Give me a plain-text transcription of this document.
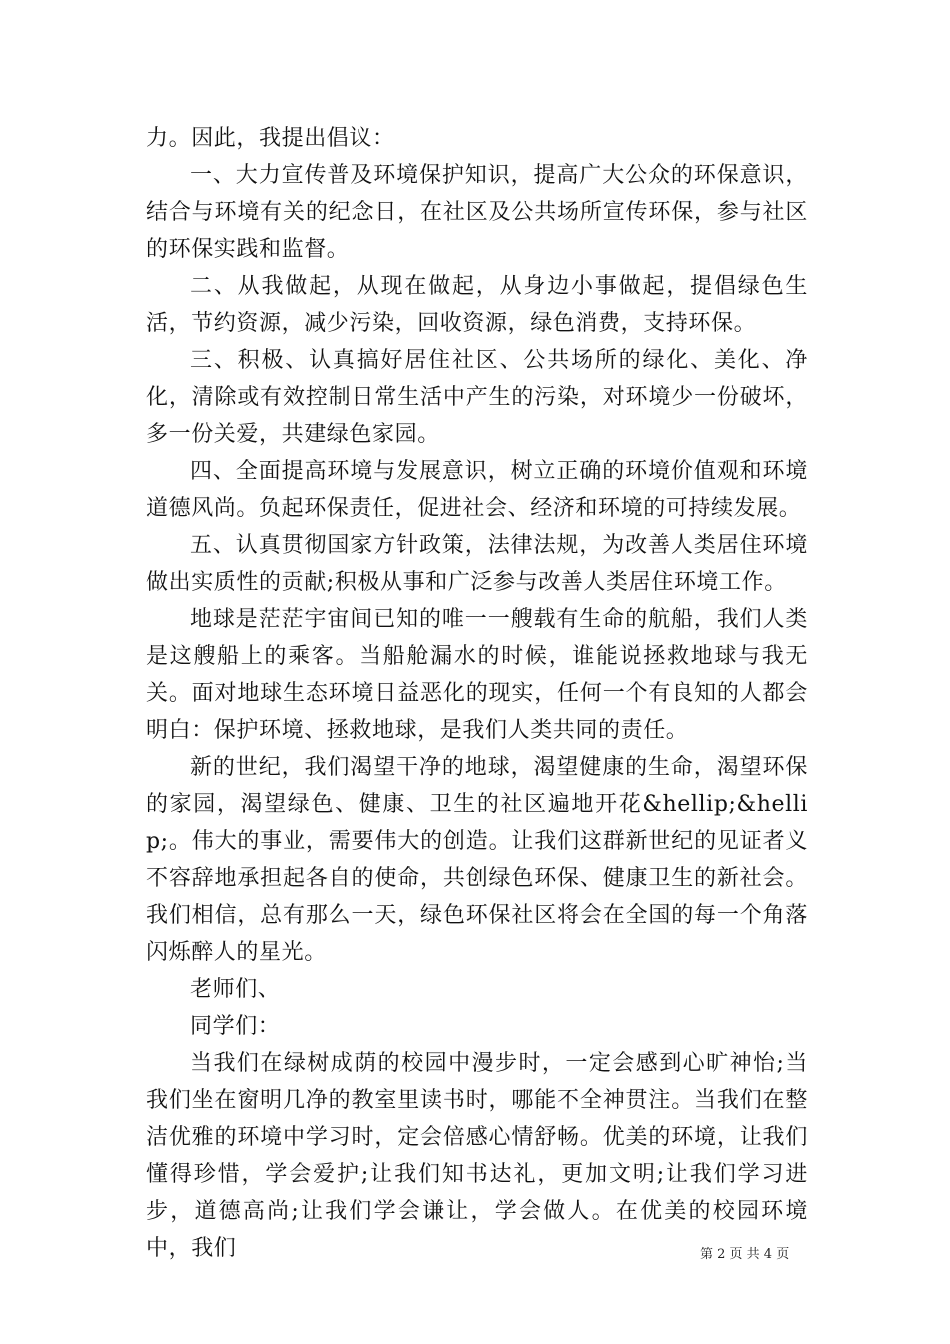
力。因此，我提出倡议：

一、大力宣传普及环境保护知识，提高广大公众的环保意识，结合与环境有关的纪念日，在社区及公共场所宣传环保，参与社区的环保实践和监督。

二、从我做起，从现在做起，从身边小事做起，提倡绿色生活，节约资源，减少污染，回收资源，绿色消费，支持环保。

三、积极、认真搞好居住社区、公共场所的绿化、美化、净化，清除或有效控制日常生活中产生的污染，对环境少一份破坏，多一份关爱，共建绿色家园。

四、全面提高环境与发展意识，树立正确的环境价值观和环境道德风尚。负起环保责任，促进社会、经济和环境的可持续发展。

五、认真贯彻国家方针政策，法律法规，为改善人类居住环境做出实质性的贡献;积极从事和广泛参与改善人类居住环境工作。

地球是茫茫宇宙间已知的唯一一艘载有生命的航船，我们人类是这艘船上的乘客。当船舱漏水的时候，谁能说拯救地球与我无关。面对地球生态环境日益恶化的现实，任何一个有良知的人都会明白：保护环境、拯救地球，是我们人类共同的责任。

新的世纪，我们渴望干净的地球，渴望健康的生命，渴望环保的家园，渴望绿色、健康、卫生的社区遍地开花&hellip;&hellip;。伟大的事业，需要伟大的创造。让我们这群新世纪的见证者义不容辞地承担起各自的使命，共创绿色环保、健康卫生的新社会。我们相信，总有那么一天，绿色环保社区将会在全国的每一个角落闪烁醉人的星光。

老师们、

同学们：

当我们在绿树成荫的校园中漫步时，一定会感到心旷神怡;当我们坐在窗明几净的教室里读书时，哪能不全神贯注。当我们在整洁优雅的环境中学习时，定会倍感心情舒畅。优美的环境，让我们懂得珍惜，学会爱护;让我们知书达礼，更加文明;让我们学习进步，道德高尚;让我们学会谦让，学会做人。在优美的校园环境中，我们	第 2 页 共 4 页
